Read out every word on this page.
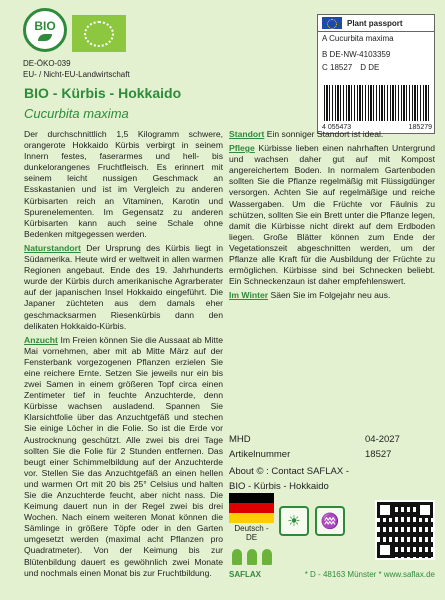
BIO
DE-ÖKO-039
EU- / Nicht-EU-Landwirtschaft
Plant passport
A Cucurbita maxima
B DE-NW-4103359
C 18527 D DE
4 055473	185279
BIO - Kürbis - Hokkaido
Cucurbita maxima

Der durchschnittlich 1,5 Kilogramm schwere, orangerote Hokkaido Kürbis verbirgt in seinem Innern festes, faserarmes und hell- bis dunkelorangenes Fruchtfleisch. Es erinnert mit seinem leicht nussigen Geschmack an Esskastanien und ist im Vergleich zu anderen Kürbisarten reich an Vitaminen, Karotin und Spurenelementen. Im Gegensatz zu anderen Kürbisarten kann auch seine Schale ohne Bedenken mitgegessen werden.

Naturstandort Der Ursprung des Kürbis liegt in Südamerika. Heute wird er weltweit in allen warmen Regionen angebaut. Ende des 19. Jahrhunderts wurde der Kürbis durch amerikanische Agrarberater auf der japanischen Insel Hokkaido eingeführt. Die Japaner züchteten aus dem damals eher geschmacksarmen Riesenkürbis dann den delikaten Hokkaido-Kürbis.

Anzucht Im Freien können Sie die Aussaat ab Mitte Mai vornehmen, aber mit ab Mitte März auf der Fensterbank vorgezogenen Pflanzen erzielen Sie eine reichere Ernte. Setzen Sie jeweils nur ein bis zwei Samen in einem größeren Topf circa einen Zentimeter tief in feuchte Anzuchterde, denn Kürbisse wachsen ausladend. Spannen Sie Klarsichtfolie über das Anzuchtgefäß und stechen Sie einige Löcher in die Folie. So ist die Erde vor Austrocknung geschützt. Alle zwei bis drei Tage sollten Sie die Folie für 2 Stunden entfernen. Das beugt einer Schimmelbildung auf der Anzuchterde vor. Stellen Sie das Anzuchtgefäß an einen hellen und warmen Ort mit 20 bis 25° Celsius und halten Sie die Anzuchterde feucht, aber nicht nass. Die Keimung dauert nun in der Regel zwei bis drei Wochen. Nach einem weiteren Monat können die Sämlinge in größere Töpfe oder in den Garten umgesetzt werden (maximal acht Pflanzen pro Quadratmeter). Von der Keimung bis zur Blütenbildung dauert es gewöhnlich zwei Monate und nochmals einen Monat bis zur Fruchtbildung.

Standort Ein sonniger Standort ist ideal.

Pflege Kürbisse lieben einen nahrhaften Untergrund und wachsen daher gut auf mit Kompost angereichertem Boden. In normalem Gartenboden sollten Sie die Pflanze regelmäßig mit Flüssigdünger versorgen. Achten Sie auf regelmäßige und reiche Wassergaben. Um die Früchte vor Fäulnis zu schützen, sollten Sie ein Brett unter die Pflanze legen, damit die Kürbisse nicht direkt auf dem Erdboden liegen. Große Blätter können zum Ende der Vegetationszeit abgeschnitten werden, um der Pflanze alle Kraft für die Ausbildung der Früchte zu ermöglichen. Kürbisse sind bei Schnecken beliebt. Ein Schneckenzaun ist daher empfehlenswert.

Im Winter Säen Sie im Folgejahr neu aus.

MHD	04-2027
Artikelnummer	18527
About © : Contact SAFLAX -
BIO - Kürbis - Hokkaido
Deutsch - DE
☀	♒
SAFLAX	* D - 48163 Münster * www.saflax.de
